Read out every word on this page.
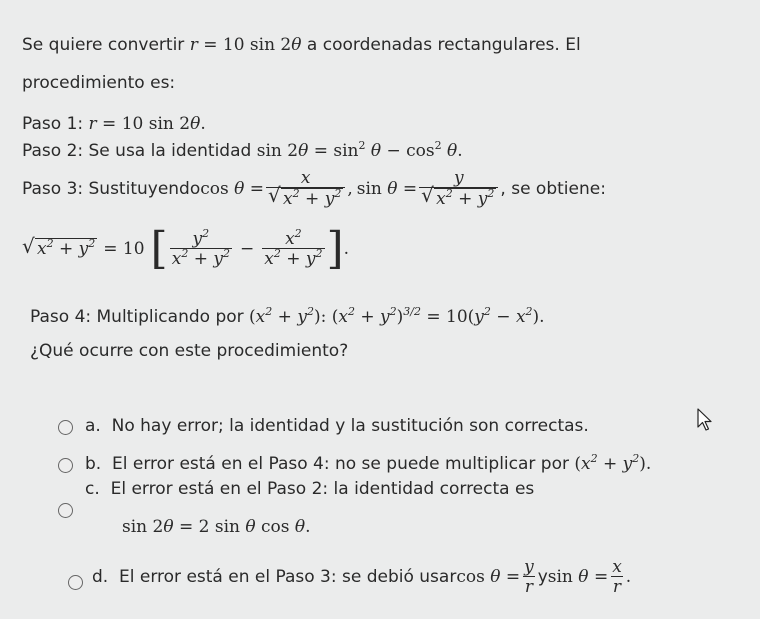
Se quiere convertir r = 10 sin 2θ a coordenadas rectangulares. El
procedimiento es:
Paso 1: r = 10 sin 2θ.
Paso 2: Se usa la identidad $\sin 2\theta = \sin^2 \theta - \cos^2 \theta$.
Paso 3: Sustituyendo $\cos \theta = \frac{x}{√ x^2 + y^2}$ , $\sin \theta = \frac{y}{√ x^2 + y^2}$ , se obtiene:
√ $x^2 + y^2 = 10$ [ $\frac{y^2}{x^2 + y^2} - \frac{x^2}{x^2 + y^2}$ ] .
Paso 4: Multiplicando por $(x^2 + y^2)$: $(x^2 + y^2)^{3/2} = 10(y^2 - x^2)$.
¿Qué ocurre con este procedimiento?
a. No hay error; la identidad y la sustitución son correctas.
b. El error está en el Paso 4: no se puede multiplicar por $(x^2 + y^2)$.
c. El error está en el Paso 2: la identidad correcta es
sin 2θ = 2 sin θ cos θ.
d.
El error está en el Paso 3: se debió usar $\cos \theta = \frac{y}{r}$ y $\sin \theta = \frac{x}{r}$ .
